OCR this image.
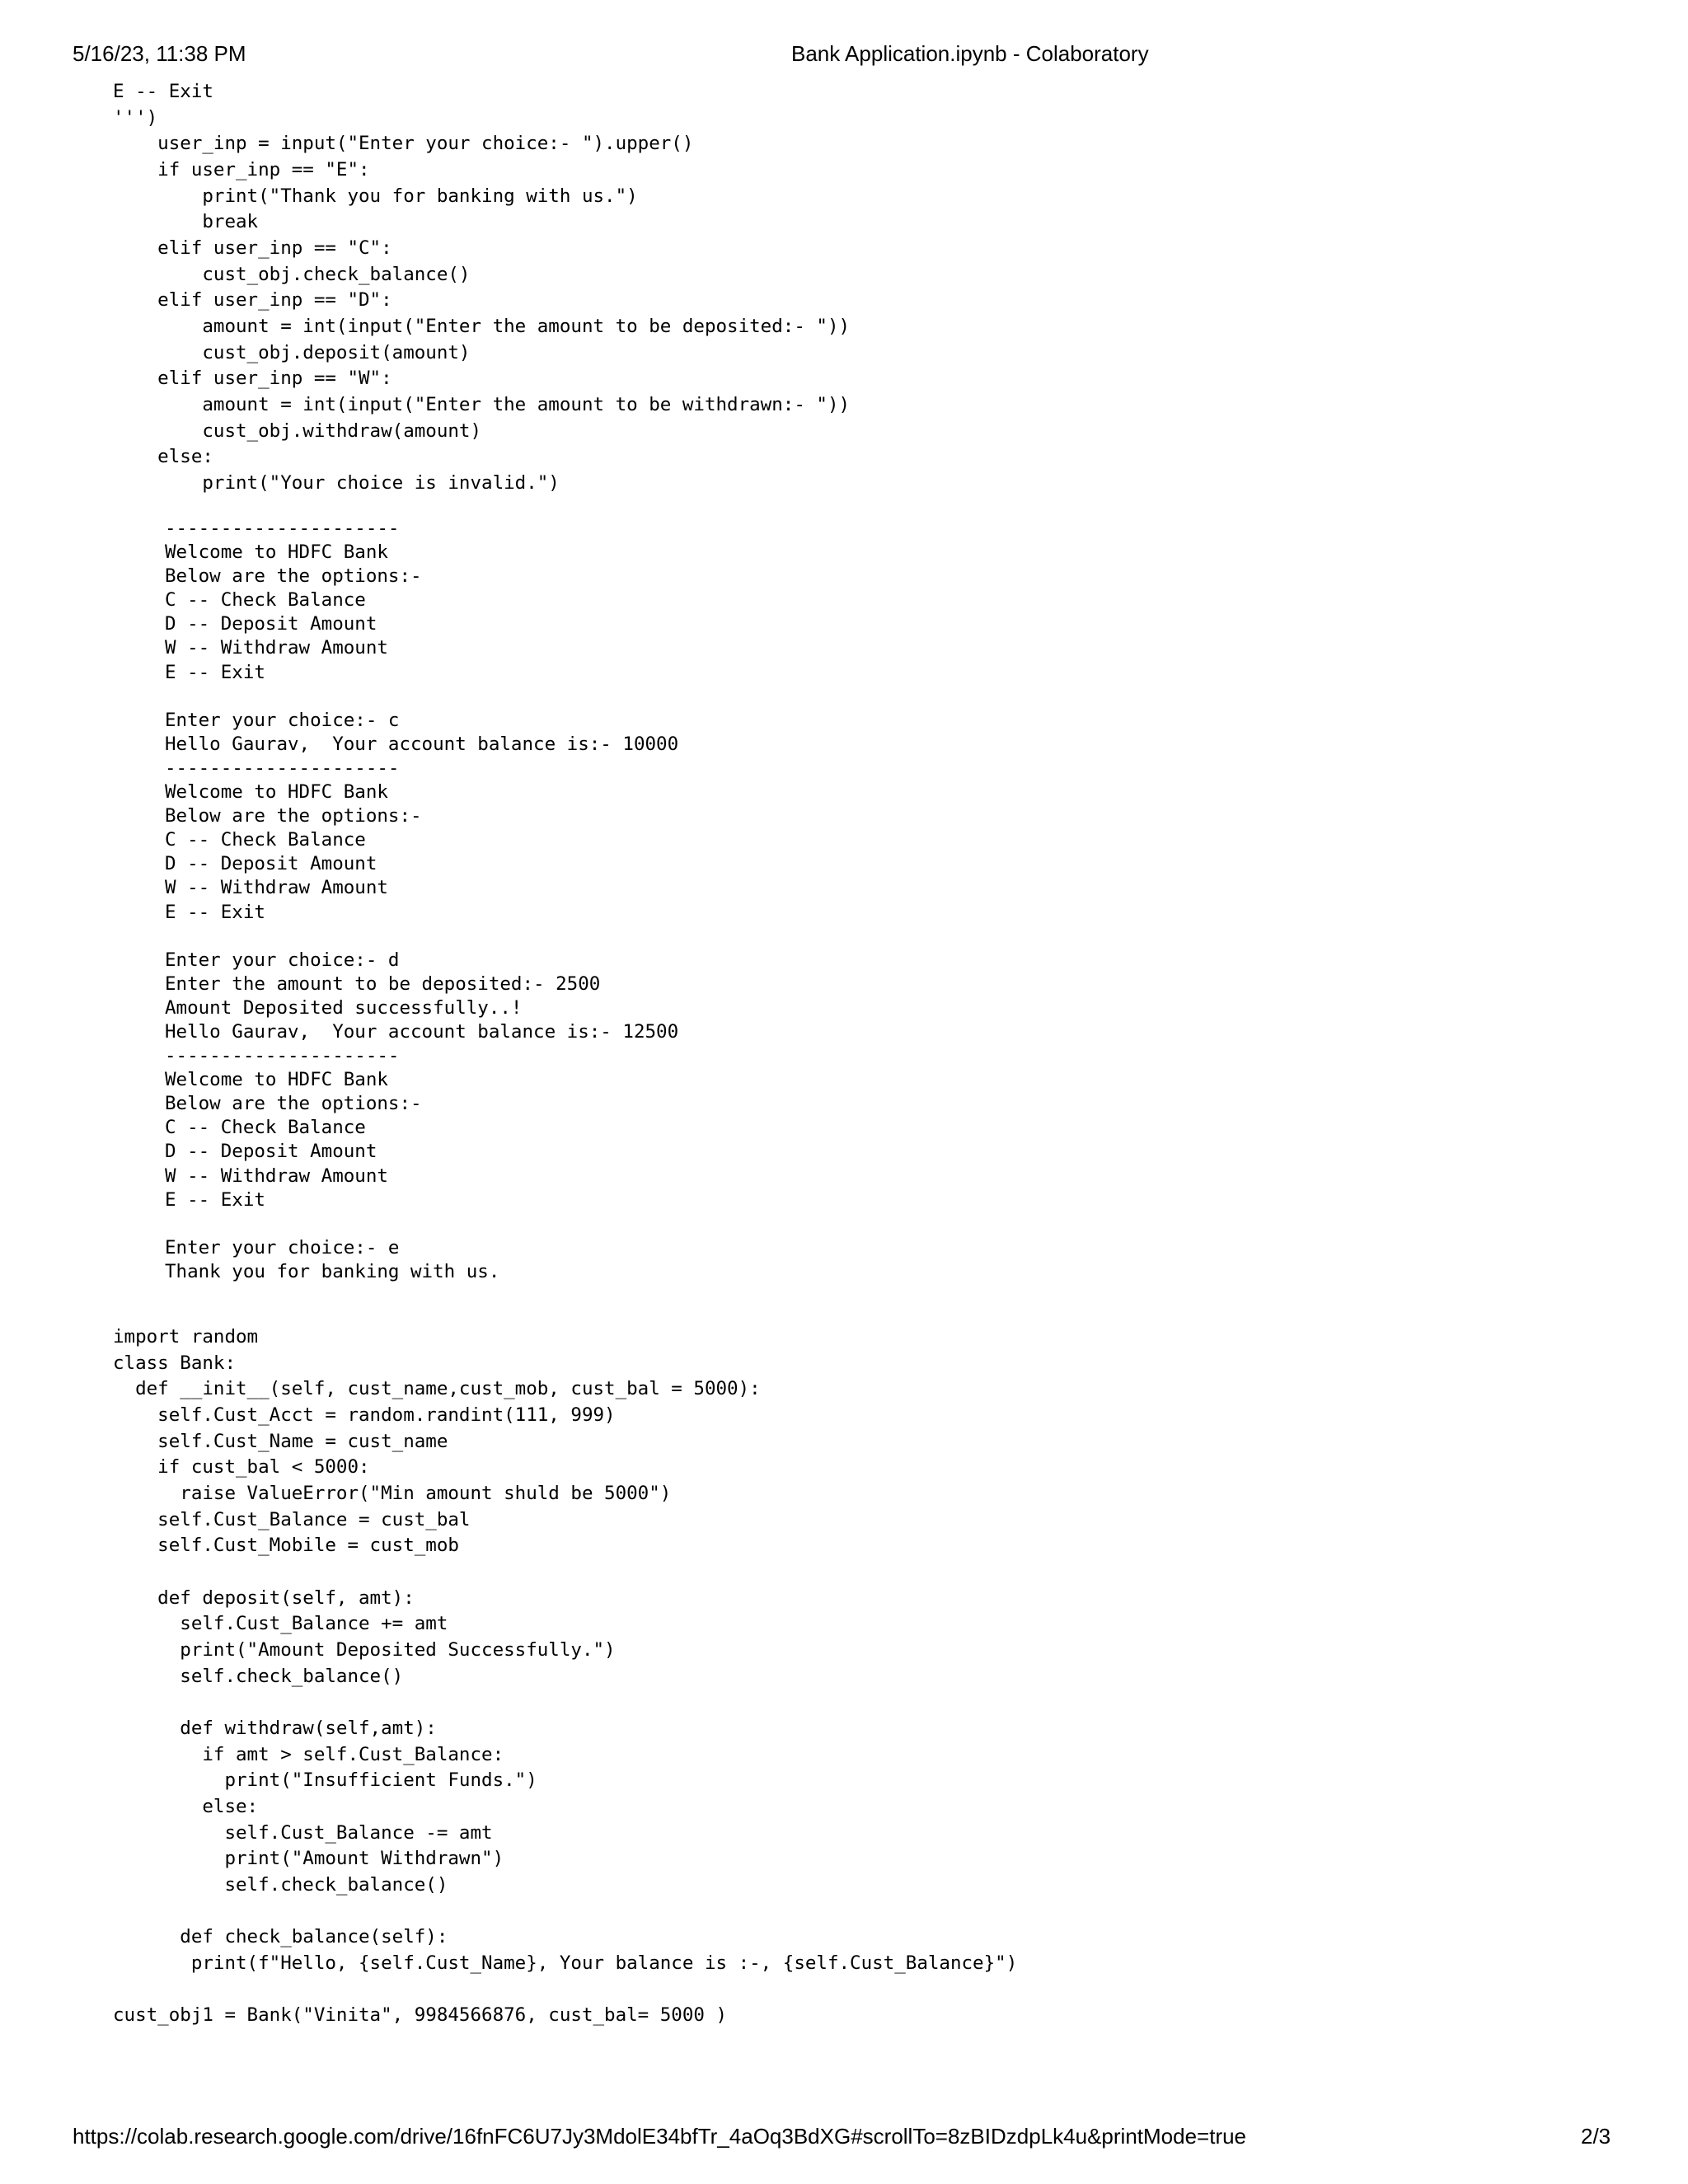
5/16/23, 11:38 PM	Bank Application.ipynb - Colaboratory
E -- Exit
''')
user_inp = input("Enter your choice:- ").upper()
if user_inp == "E":
print("Thank you for banking with us.")
break
elif user_inp == "C":
cust_obj.check_balance()
elif user_inp == "D":
amount = int(input("Enter the amount to be deposited:- "))
cust_obj.deposit(amount)
elif user_inp == "W":
amount = int(input("Enter the amount to be withdrawn:- "))
cust_obj.withdraw(amount)
else:
print("Your choice is invalid.")
---------------------
Welcome to HDFC Bank
Below are the options:-
C -- Check Balance
D -- Deposit Amount
W -- Withdraw Amount
E -- Exit

Enter your choice:- c
Hello Gaurav,  Your account balance is:- 10000
---------------------
Welcome to HDFC Bank
Below are the options:-
C -- Check Balance
D -- Deposit Amount
W -- Withdraw Amount
E -- Exit

Enter your choice:- d
Enter the amount to be deposited:- 2500
Amount Deposited successfully..!
Hello Gaurav,  Your account balance is:- 12500
---------------------
Welcome to HDFC Bank
Below are the options:-
C -- Check Balance
D -- Deposit Amount
W -- Withdraw Amount
E -- Exit

Enter your choice:- e
Thank you for banking with us.
import random
class Bank:
def __init__(self, cust_name,cust_mob, cust_bal = 5000):
self.Cust_Acct = random.randint(111, 999)
self.Cust_Name = cust_name
if cust_bal < 5000:
raise ValueError("Min amount shuld be 5000")
self.Cust_Balance = cust_bal
self.Cust_Mobile = cust_mob

def deposit(self, amt):
self.Cust_Balance += amt
print("Amount Deposited Successfully.")
self.check_balance()

def withdraw(self,amt):
if amt > self.Cust_Balance:
print("Insufficient Funds.")
else:
self.Cust_Balance -= amt
print("Amount Withdrawn")
self.check_balance()

def check_balance(self):
print(f"Hello, {self.Cust_Name}, Your balance is :-, {self.Cust_Balance}")

cust_obj1 = Bank("Vinita", 9984566876, cust_bal= 5000 )
https://colab.research.google.com/drive/16fnFC6U7Jy3MdolE34bfTr_4aOq3BdXG#scrollTo=8zBIDzdpLk4u&printMode=true	2/3
